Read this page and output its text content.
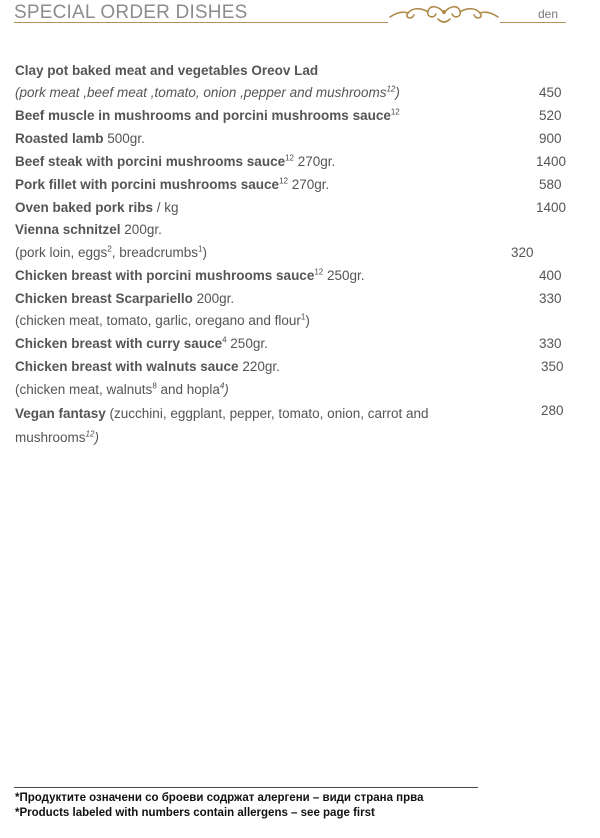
SPECIAL ORDER DISHES	den
Clay pot baked meat and vegetables Oreov Lad
(pork meat ,beef meat ,tomato, onion ,pepper and mushrooms$^{12}$)	450
Beef muscle in mushrooms and porcini mushrooms sauce$^{12}$	520
Roasted lamb 500gr.	900
Beef steak with porcini mushrooms sauce$^{12}$ 270gr.	1400
Pork fillet with porcini mushrooms sauce$^{12}$ 270gr.	580
Oven baked pork ribs / kg	1400
Vienna schnitzel 200gr.
(pork loin, eggs$^2$, breadcrumbs$^1$)	320
Chicken breast with porcini mushrooms sauce$^{12}$ 250gr.	400
Chicken breast Scarpariello 200gr.	330
(chicken meat, tomato, garlic, oregano and flour$^1$)
Chicken breast with curry sauce$^4$ 250gr.	330
Chicken breast with walnuts sauce 220gr.	350
(chicken meat, walnuts$^8$ and hopla$^4$)
Vegan fantasy (zucchini, eggplant, pepper, tomato, onion, carrot and	280
mushrooms$^{12}$)
*Продуктите означени со броеви содржат алергени – види страна прва
*Products labeled with numbers contain allergens – see page first
